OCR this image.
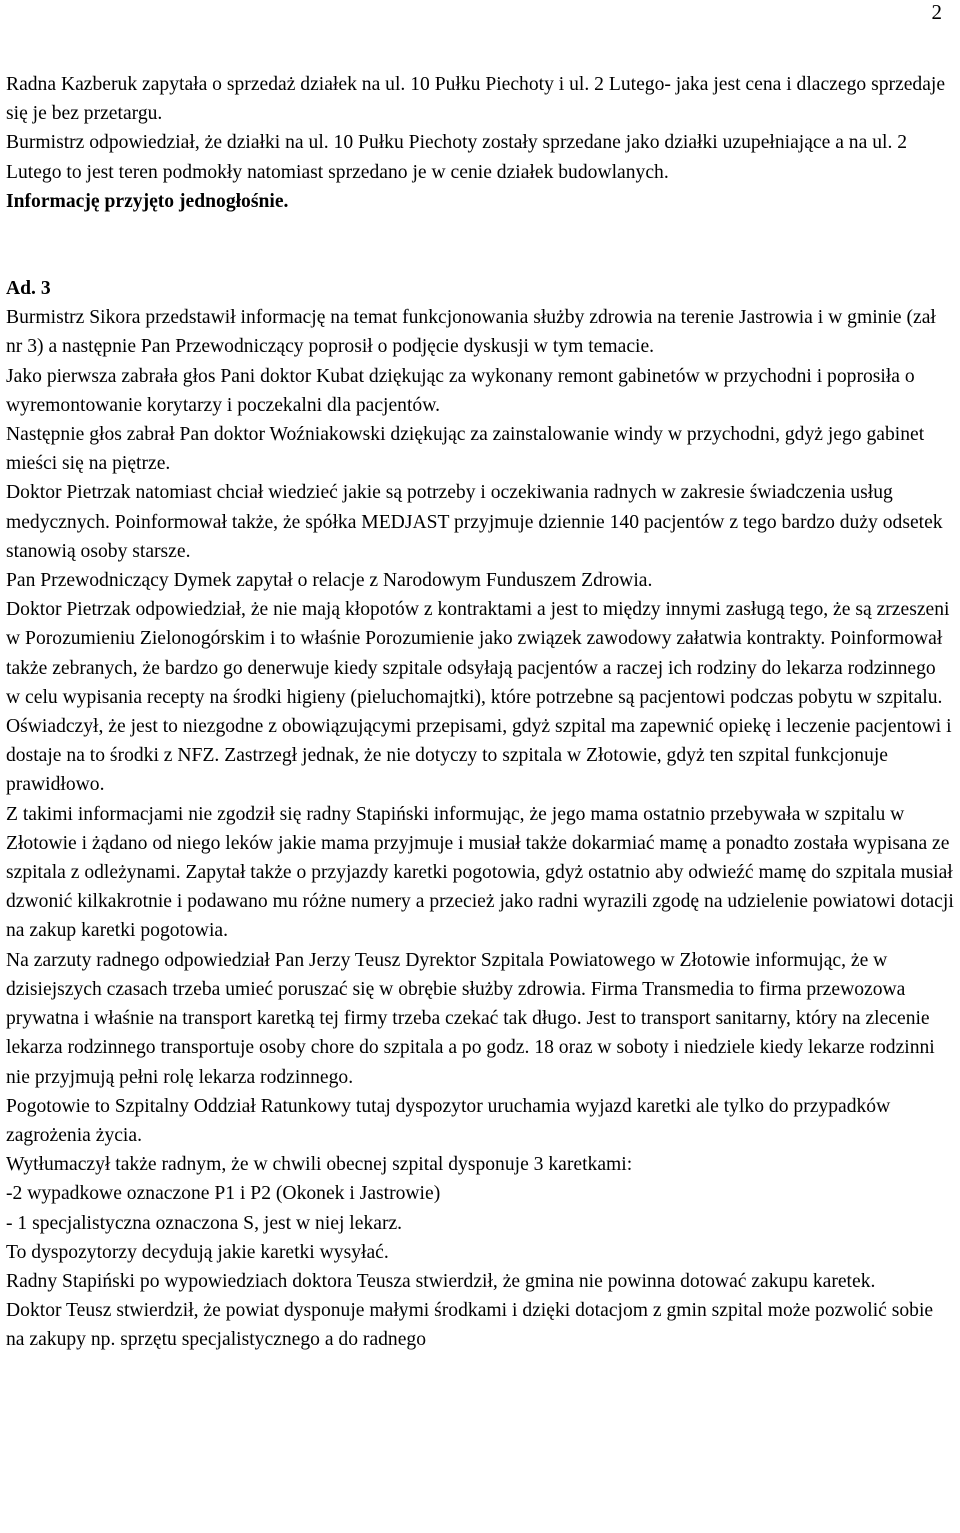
2

Radna Kazberuk zapytała o sprzedaż działek na ul. 10 Pułku Piechoty i ul. 2 Lutego- jaka jest cena i dlaczego sprzedaje się je bez przetargu.

Burmistrz odpowiedział, że działki na ul. 10 Pułku Piechoty zostały sprzedane jako działki uzupełniające a na ul. 2 Lutego to jest teren podmokły natomiast sprzedano je w cenie działek budowlanych.

Informację przyjęto jednogłośnie.

Ad. 3

Burmistrz Sikora przedstawił informację na temat funkcjonowania służby zdrowia na terenie Jastrowia i w gminie (zał nr 3) a następnie Pan Przewodniczący poprosił o podjęcie dyskusji w tym temacie.

Jako pierwsza zabrała głos Pani doktor Kubat dziękując za wykonany remont gabinetów w przychodni i poprosiła o wyremontowanie korytarzy i poczekalni dla pacjentów.

Następnie głos zabrał Pan doktor Woźniakowski dziękując za zainstalowanie windy w przychodni, gdyż jego gabinet mieści się na piętrze.

Doktor Pietrzak natomiast chciał wiedzieć jakie są potrzeby i oczekiwania radnych w zakresie świadczenia usług medycznych. Poinformował także, że spółka MEDJAST przyjmuje dziennie 140 pacjentów z tego bardzo duży odsetek stanowią osoby starsze.

Pan Przewodniczący Dymek zapytał o relacje z Narodowym Funduszem Zdrowia.

Doktor Pietrzak odpowiedział, że nie mają kłopotów z kontraktami a jest to między innymi zasługą tego, że są zrzeszeni w Porozumieniu Zielonogórskim i to właśnie Porozumienie jako związek zawodowy załatwia kontrakty. Poinformował także zebranych, że bardzo go denerwuje kiedy szpitale odsyłają pacjentów a raczej ich rodziny do lekarza rodzinnego w celu wypisania recepty na środki higieny (pieluchomajtki), które potrzebne są pacjentowi podczas pobytu w szpitalu. Oświadczył, że jest to niezgodne z obowiązującymi przepisami, gdyż szpital ma zapewnić opiekę i leczenie pacjentowi i dostaje na to środki z NFZ. Zastrzegł jednak, że nie dotyczy to szpitala w Złotowie, gdyż ten szpital funkcjonuje prawidłowo.

Z takimi informacjami nie zgodził się radny Stapiński informując, że jego mama ostatnio przebywała w szpitalu w Złotowie i żądano od niego leków jakie mama przyjmuje i musiał także dokarmiać mamę a ponadto została wypisana ze szpitala z odleżynami. Zapytał także o przyjazdy karetki pogotowia, gdyż ostatnio aby odwieźć mamę do szpitala musiał dzwonić kilkakrotnie i podawano mu różne numery a przecież jako radni wyrazili zgodę na udzielenie powiatowi dotacji na zakup karetki pogotowia.

Na zarzuty radnego odpowiedział Pan Jerzy Teusz Dyrektor Szpitala Powiatowego w Złotowie informując, że w dzisiejszych czasach trzeba umieć poruszać się w obrębie służby zdrowia. Firma Transmedia to firma przewozowa prywatna i właśnie na transport karetką tej firmy trzeba czekać tak długo. Jest to transport sanitarny, który na zlecenie lekarza rodzinnego transportuje osoby chore do szpitala a po godz. 18 oraz w soboty i niedziele kiedy lekarze rodzinni nie przyjmują pełni rolę lekarza rodzinnego.

Pogotowie to Szpitalny Oddział Ratunkowy tutaj dyspozytor uruchamia wyjazd karetki ale tylko do przypadków zagrożenia życia.

Wytłumaczył także radnym, że w chwili obecnej szpital dysponuje 3 karetkami:

-2 wypadkowe oznaczone P1 i P2 (Okonek i Jastrowie)

- 1 specjalistyczna oznaczona S, jest w niej lekarz.

To dyspozytorzy decydują jakie karetki wysyłać.

Radny Stapiński po wypowiedziach doktora Teusza stwierdził, że gmina nie powinna dotować zakupu karetek.

Doktor Teusz stwierdził, że powiat dysponuje małymi środkami i dzięki dotacjom z gmin szpital może pozwolić sobie na zakupy np. sprzętu specjalistycznego a do radnego
